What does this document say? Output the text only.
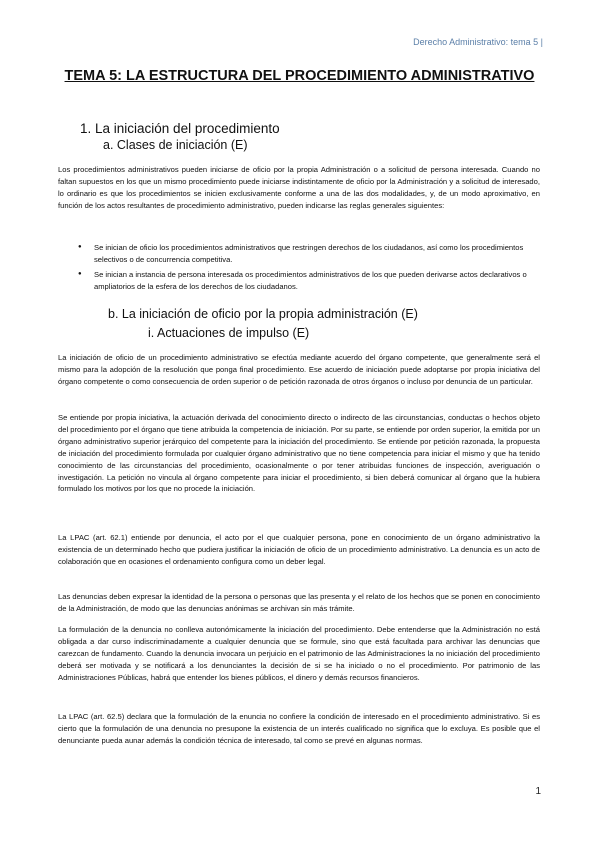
Derecho Administrativo: tema 5 |
TEMA 5: LA ESTRUCTURA DEL PROCEDIMIENTO ADMINISTRATIVO
1. La iniciación del procedimiento
a. Clases de iniciación (E)

Los procedimientos administrativos pueden iniciarse de oficio por la propia Administración o a solicitud de persona interesada. Cuando no faltan supuestos en los que un mismo procedimiento puede iniciarse indistintamente de oficio por la Administración y a solicitud de interesado, lo ordinario es que los procedimientos se inicien exclusivamente conforme a una de las dos modalidades, y, de un modo aproximativo, en función de los actos resultantes de procedimiento administrativo, pueden indicarse las reglas generales siguientes:

● Se inician de oficio los procedimientos administrativos que restringen derechos de los ciudadanos, así como los procedimientos selectivos o de concurrencia competitiva.
● Se inician a instancia de persona interesada os procedimientos administrativos de los que pueden derivarse actos declarativos o ampliatorios de la esfera de los derechos de los ciudadanos.
b. La iniciación de oficio por la propia administración (E)
i. Actuaciones de impulso (E)

La iniciación de oficio de un procedimiento administrativo se efectúa mediante acuerdo del órgano competente, que generalmente será el mismo para la adopción de la resolución que ponga final procedimiento. Ese acuerdo de iniciación puede adoptarse por propia iniciativa del órgano competente o como consecuencia de orden superior o de petición razonada de otros órganos o incluso por denuncia de un particular.

Se entiende por propia iniciativa, la actuación derivada del conocimiento directo o indirecto de las circunstancias, conductas o hechos objeto del procedimiento por el órgano que tiene atribuida la competencia de iniciación. Por su parte, se entiende por orden superior, la emitida por un órgano administrativo superior jerárquico del competente para la iniciación del procedimiento. Se entiende por petición razonada, la propuesta de iniciación del procedimiento formulada por cualquier órgano administrativo que no tiene competencia para iniciar el mismo y que ha tenido conocimiento de las circunstancias del procedimiento, ocasionalmente o por tener atribuidas funciones de inspección, averiguación o investigación. La petición no vincula al órgano competente para iniciar el procedimiento, si bien deberá comunicar al órgano que la hubiera formulado los motivos por los que no procede la iniciación.

La LPAC (art. 62.1) entiende por denuncia, el acto por el que cualquier persona, pone en conocimiento de un órgano administrativo la existencia de un determinado hecho que pudiera justificar la iniciación de oficio de un procedimiento administrativo. La denuncia es un acto de colaboración que en ocasiones el ordenamiento configura como un deber legal.

Las denuncias deben expresar la identidad de la persona o personas que las presenta y el relato de los hechos que se ponen en conocimiento de la Administración, de modo que las denuncias anónimas se archivan sin más trámite.

La formulación de la denuncia no conlleva autonómicamente la iniciación del procedimiento. Debe entenderse que la Administración no está obligada a dar curso indiscriminadamente a cualquier denuncia que se formule, sino que está facultada para archivar las denuncias que carezcan de fundamento. Cuando la denuncia invocara un perjuicio en el patrimonio de las Administraciones la no iniciación del procedimiento deberá ser motivada y se notificará a los denunciantes la decisión de si se ha iniciado o no el procedimiento. Por patrimonio de las Administraciones Públicas, habrá que entender los bienes públicos, el dinero y demás recursos financieros.

La LPAC (art. 62.5) declara que la formulación de la enuncia no confiere la condición de interesado en el procedimiento administrativo. Si es cierto que la formulación de una denuncia no presupone la existencia de un interés cualificado no significa que lo excluya. Es posible que el denunciante pueda aunar además la condición técnica de interesado, tal como se prevé en algunas normas.

1
